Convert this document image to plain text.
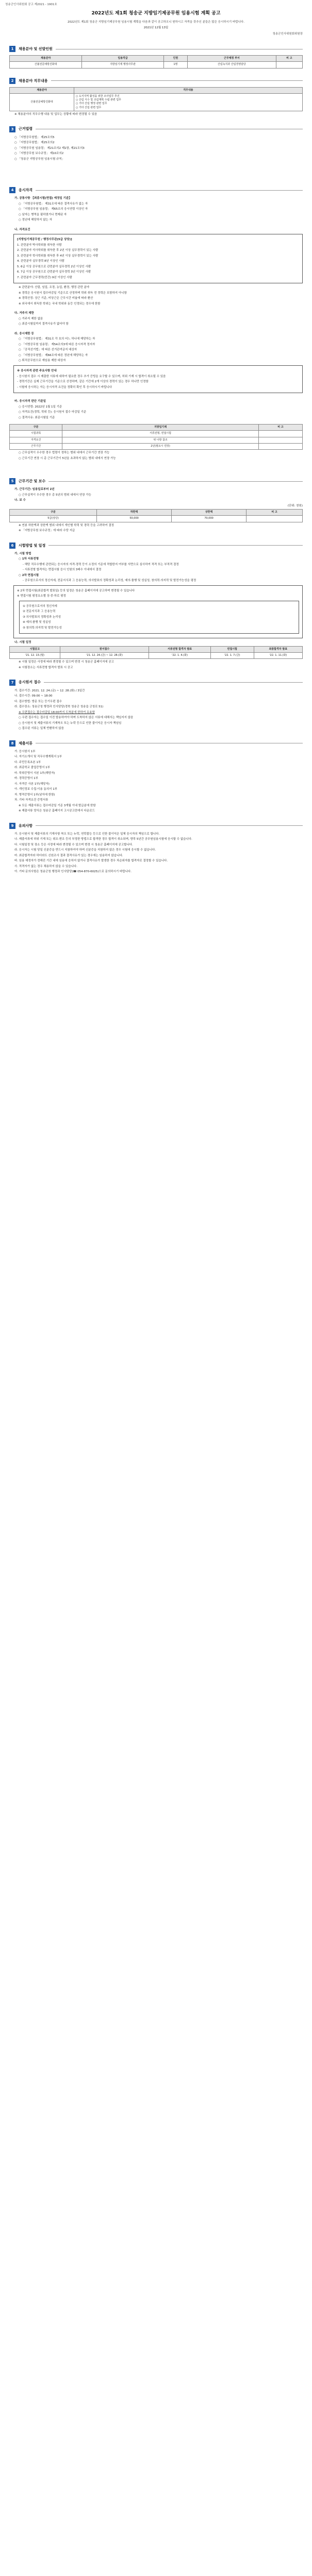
청송군인사위원회 공고 제2021 - 1901호
2022년도 제1회 청송군 지방임기제공무원 임용시험 계획 공고
2022년도 제1회 청송군 지방임기제공무원 임용시험 계획을 다음과 같이 공고하오니 원하시고 자격을 갖추신 분들은 많은 응시하시기 바랍니다.
2021년 12월 13일
청송군인사위원회위원장
1	채용분야 및 선발인원
채용분야	임용직급	인원	근무예정 부서	비 고
산불전문예방진화대	지방임기제 행정사무관	1명	산림녹지과 산림경영담당	
2	채용분야 직무내용
채용분야	직무내용
산불전문예방진화대	○ 도서지역 활성을 위한 조사업무 추진
○ 산림 식수 및 조림계획 수립 관련 업무
○ 기타 산림 행정 관련 업무
○ 기타 산림 관련 업무
※ 채용분야의 직무수행 내용 및 업무는 상황에 따라 변경될 수 있음
3	근거법령
○ 「지방공무원법」 제25조의5
○ 「지방공무원법」 제25조의2
○ 「지방공무원 임용령」 제21조의2 제1항, 제21조의3
○ 「지방공무원 보수규정」 제10조의2
○ 「청송군 지방공무원 임용시험 규칙」
4	응시자격
가. 공통사항 【최종시험(면접) 예정일 기준】
○ 「지방공무원법」 제31조에 따른 결격사유가 없는 자
○ 「지방공무원 임용령」 제65조의 응시연령 이상인 자
○ 남자는 병역을 필하였거나 면제된 자
○ 정년에 해당하지 않는 자
나. 자격요건
[지방임기제공무원 / 행정사무관(5급 상당)]
1. 관련분야 박사학위를 취득한 사람
2. 관련분야 석사학위를 취득한 후 2년 이상 실무경력이 있는 사람
3. 관련분야 학사학위를 취득한 후 4년 이상 실무경력이 있는 사람
4. 관련분야 실무경력 8년 이상인 사람
5. 6급 이상 공무원으로 관련분야 실무경력 2년 이상인 사람
6. 7급 이상 공무원으로 관련분야 실무경력 3년 이상인 사람
7. 관련분야 근무경력(민간) 9년 이상인 사람
※ 관련분야: 산림, 임업, 조경, 농업, 환경, 행정 관련 분야
※ 경력은 응시원서 접수마감일 기준으로 산정하며 학위 취득 전 경력은 포함하지 아니함
※ 경력산정: 상근 기준, 비상근은 근무시간 비율에 따라 환산
※ 외국에서 취득한 학위는 국내 학위와 동등 인정되는 경우에 한함
다. 거주지 제한
○ 거주지 제한 없음
○ 최종시험일까지 결격사유가 없어야 함
라. 응시제한 등
○ 「지방공무원법」 제31조 각 호의 어느 하나에 해당하는 자
○ 「지방공무원 임용령」 제54조의3에 따른 응시자격 정지자
○ 「공직선거법」에 따른 선거관여금지 대상자
○ 「지방공무원법」 제66조에 따른 정년에 해당하는 자
○ 퇴직공무원으로 재임용 제한 대상자
※ 응시자격 관련 주요사항 안내
- 응시원서 접수 시 제출한 서류에 대하여 필요한 경우 추가 증빙을 요구할 수 있으며, 허위 기재 시 합격이 취소될 수 있음
- 경력기간은 실제 근무기간을 기준으로 산정하며, 같은 기간에 2개 이상의 경력이 있는 경우 하나만 인정함
- 시험에 응시하는 자는 응시자격 요건을 정확히 확인 후 응시하시기 바랍니다
마. 응시자격 판단 기준일
○ 응시연령: 2022년 1월 1일 기준
○ 자격요건(경력, 학위 등): 응시원서 접수 마감일 기준
○ 결격사유: 최종시험일 기준
구분	지방임기제	비 고
시험과목	서류전형, 면접시험	
자격요건	위 나항 참조	
근무기간	2년(필요시 연장)	
○ 근무실적이 우수한 경우 법령이 정하는 범위 내에서 근무기간 연장 가능
○ 근무기간 연장 시 총 근무기간이 5년을 초과하지 않는 범위 내에서 연장 가능
5	근무기간 및 보수
가. 근무기간: 임용일로부터 2년
○ 근무실적이 우수한 경우 총 5년의 범위 내에서 연장 가능
나. 보 수
(단위: 천원)
구분	하한액	상한액	비 고
5급(상당)	50,000	70,000	
※ 연봉 하한액과 상한액 범위 내에서 개인별 학력 및 경력 등을 고려하여 결정
※ 「지방공무원 보수규정」에 따라 수당 지급
6	시험방법 및 일정
가. 시험 방법
○ 1차 서류전형
- 해당 직무수행에 관련되는 응시자의 자격·경력 등이 소정의 기준에 적합한지 여부를 서면으로 심사하여 적격 또는 부적격 결정
- 서류전형 합격자는 면접시험 응시 인원의 3배수 이내에서 결정
○ 2차 면접시험
- 공무원으로서의 정신자세, 전문지식과 그 응용능력, 의사발표의 정확성과 논리성, 예의·품행 및 성실성, 창의력·의지력 및 발전가능성을 평정
※ 2차 면접시험(최종합격 발표일) 등의 일정은 청송군 홈페이지에 공고하며 변경될 수 있습니다
※ 면접시험 평정요소별 상·중·하로 평정
① 공무원으로서의 정신자세
② 전문지식과 그 응용능력
③ 의사발표의 정확성과 논리성
④ 예의·품행 및 성실성
⑤ 창의력·의지력 및 발전가능성
나. 시험 일정
시험공고	원서접수	서류전형 합격자 발표	면접시험	최종합격자 발표
'21. 12. 13.(월)	'21. 12. 24.(금) ~ 12. 28.(화)	'22. 1. 4.(화)	'22. 1. 7.(금)	'22. 1. 11.(화)
※ 시험 일정은 사정에 따라 변경될 수 있으며 변경 시 청송군 홈페이지에 공고
※ 시험장소는 서류전형 합격자 발표 시 공고
7	응시원서 접수
가. 접수기간: 2021. 12. 24.(금) ~ 12. 28.(화) / 3일간
나. 접수시간: 09:00 ~ 18:00
다. 접수방법: 방문 또는 등기우편 접수
라. 접수장소: 청송군청 행정과 인사담당(경북 청송군 청송읍 군청로 51)
※ 우편접수는 접수마감일 18:00까지 도착분에 한하여 유효함
○ 우편 접수자는 접수일 이전 발송하여야 하며 도착하지 않은 서류에 대해서는 책임지지 않음
○ 응시원서 및 제출서류의 기재착오 또는 누락 등으로 인한 불이익은 응시자 책임임
○ 접수된 서류는 일체 반환하지 않음
8	제출서류
가. 응시원서 1부
나. 자기소개서 및 직무수행계획서 1부
다. 주민등록초본 1부
라. 최종학교 졸업증명서 1부
마. 학위증명서 사본 1부(해당자)
바. 경력증명서 1부
사. 자격증 사본 1부(해당자)
아. 개인정보 수집·이용 동의서 1부
자. 병적증명서 1부(남자에 한함)
차. 기타 자격요건 증빙서류
※ 모든 제출서류는 접수마감일 기준 3개월 이내 발급분에 한함
※ 제출서류 양식은 청송군 홈페이지 고시공고란에서 다운로드
9	유의사항
가. 응시원서 및 제출서류의 기재사항 착오 또는 누락, 연락불능 등으로 인한 불이익은 일체 응시자의 책임으로 합니다.
나. 제출서류에 허위 기재 또는 위조·변조 등의 부정한 방법으로 합격한 경우 합격이 취소되며, 향후 5년간 공무원임용시험에 응시할 수 없습니다.
다. 시험일정 및 장소 등은 사정에 따라 변경될 수 있으며 변경 시 청송군 홈페이지에 공고합니다.
라. 응시자는 시험 당일 신분증을 반드시 지참하여야 하며 신분증을 지참하지 않은 경우 시험에 응시할 수 없습니다.
마. 최종합격자라 하더라도 신원조사 결과 결격사유가 있는 경우에는 임용하지 않습니다.
바. 임용 예정자가 정해진 기간 내에 임용에 응하지 않거나 결격사유가 발생한 경우 차순위자를 합격자로 결정할 수 있습니다.
사. 적격자가 없는 경우 채용하지 않을 수 있습니다.
아. 기타 문의사항은 청송군청 행정과 인사담당(☎ 054-870-6025)으로 문의하시기 바랍니다.
